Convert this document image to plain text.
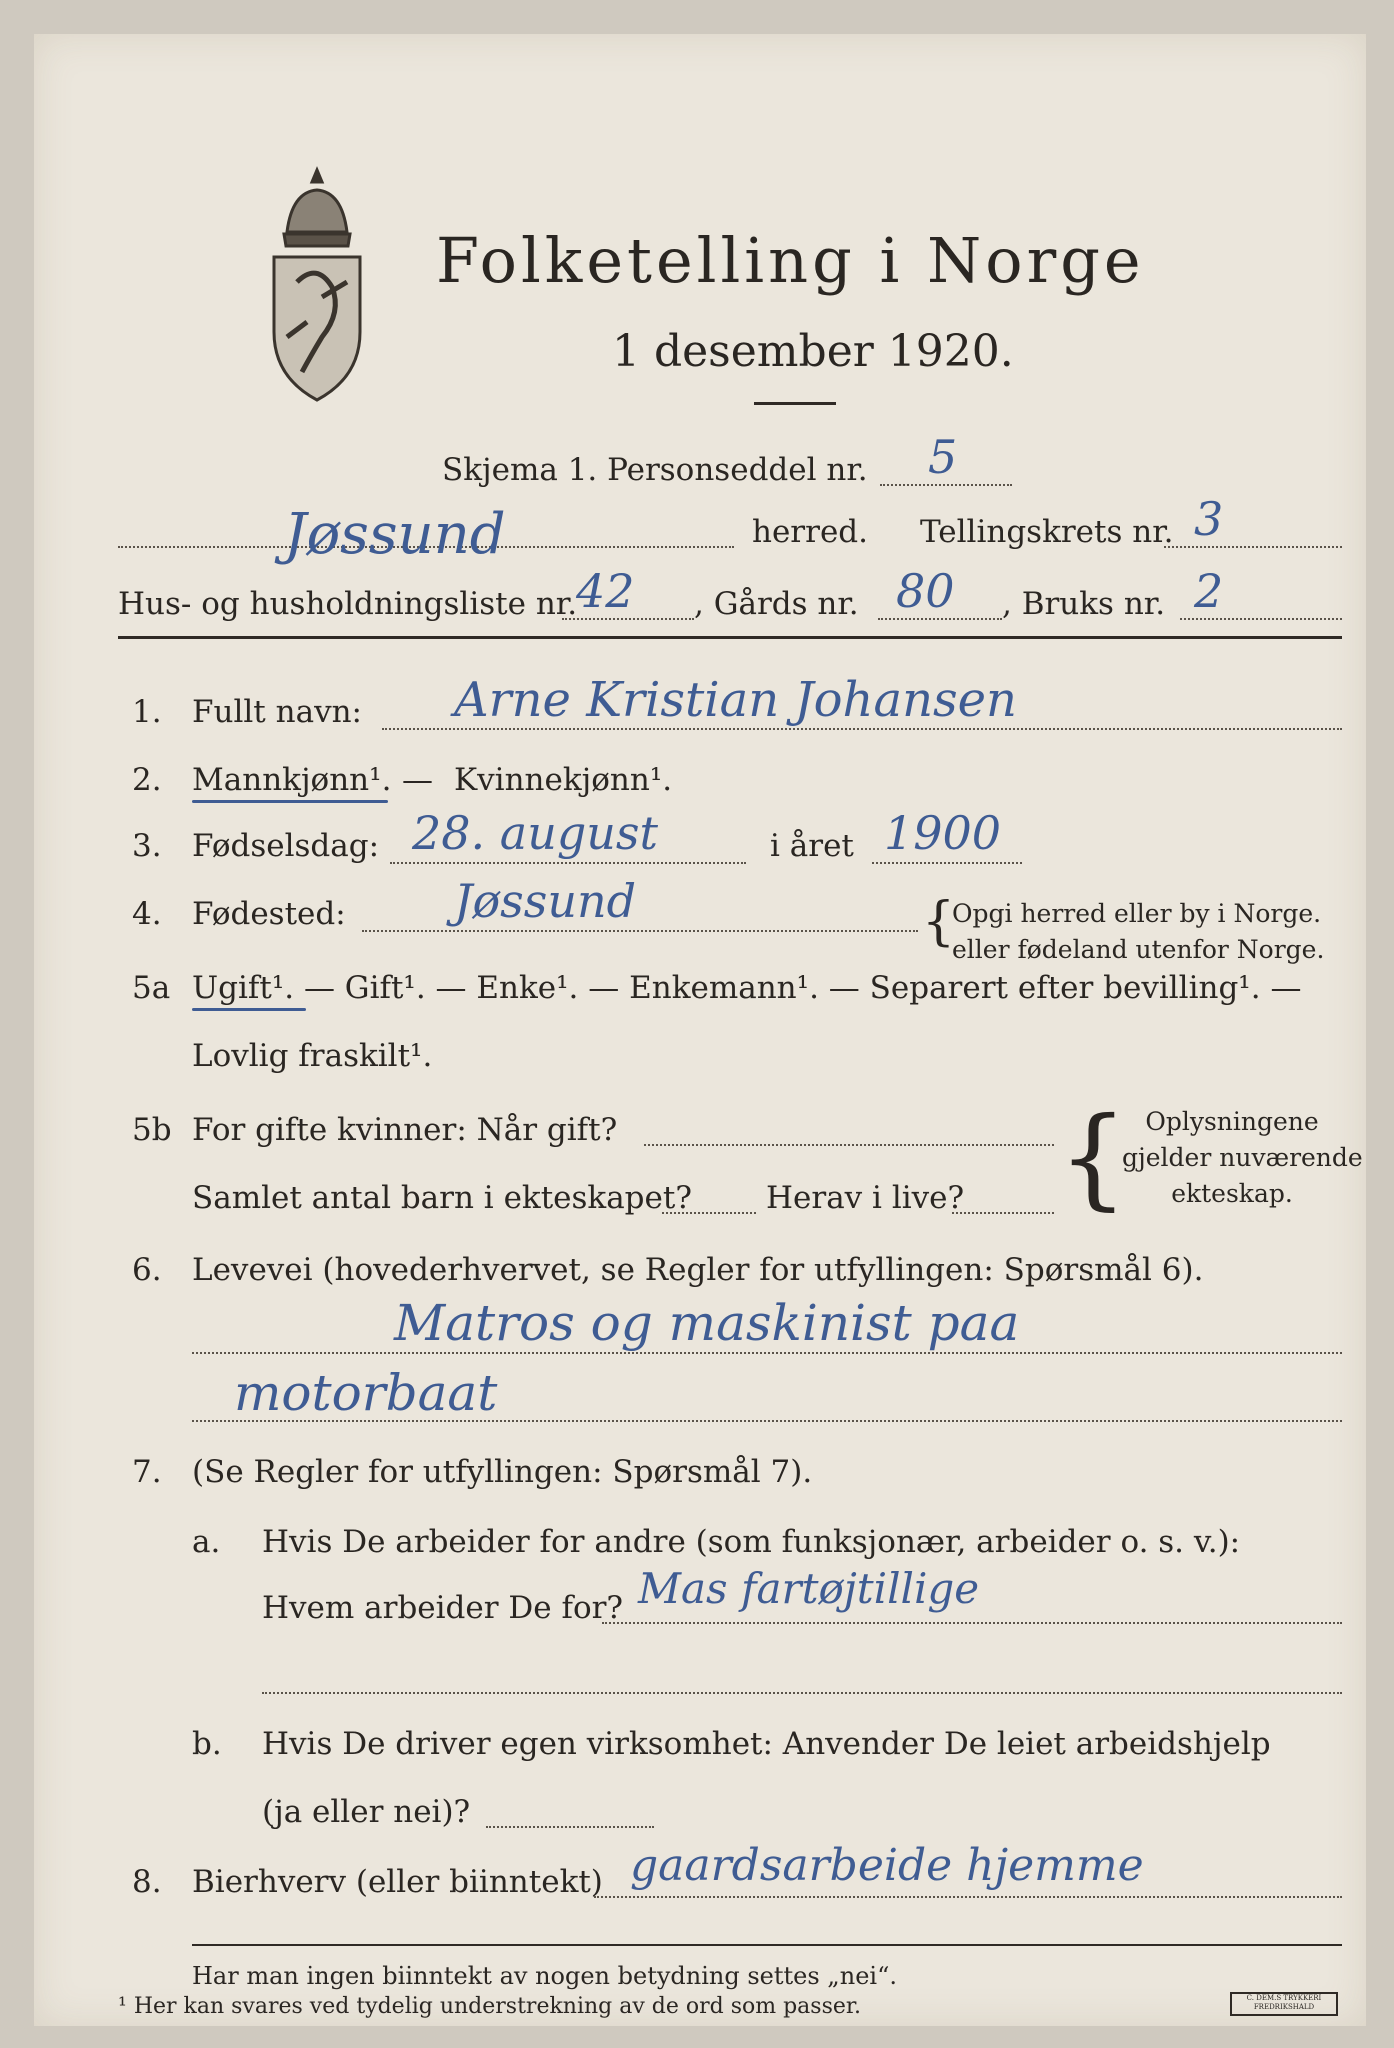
Folketelling i Norge
1 desember 1920.
Skjema 1. Personseddel nr. 5
Jøssund	herred. Tellingskrets nr. 3
Hus- og husholdningsliste nr.
42 , Gårds nr. 80 , Bruks nr. 2
1. Fullt navn: Arne Kristian Johansen
2. Mannkjønn¹. — Kvinnekjønn¹.
3. Fødselsdag: 28. august	i året 1900
4. Fødested: Jøssund	{
Opgi herred eller by i Norge.
eller fødeland utenfor Norge.
5a Ugift¹. — Gift¹. — Enke¹. — Enkemann¹. — Separert efter bevilling¹. —
Lovlig fraskilt¹.
5b For gifte kvinner: Når gift?
Samlet antal barn i ekteskapet? Herav i live? { Oplysningene
gjelder nuværende
ekteskap.
6. Levevei (hovederhvervet, se Regler for utfyllingen: Spørsmål 6).
Matros og maskinist paa
motorbaat
7. (Se Regler for utfyllingen: Spørsmål 7).
a. Hvis De arbeider for andre (som funksjonær, arbeider o. s. v.):
Hvem arbeider De for? Mas fartøjtillige
b. Hvis De driver egen virksomhet: Anvender De leiet arbeidshjelp
(ja eller nei)?
8. Bierhverv (eller biinntekt) gaardsarbeide hjemme
Har man ingen biinntekt av nogen betydning settes „nei“.
¹ Her kan svares ved tydelig understrekning av de ord som passer.	C. DEM.S TRYKKERI FREDRIKSHALD
